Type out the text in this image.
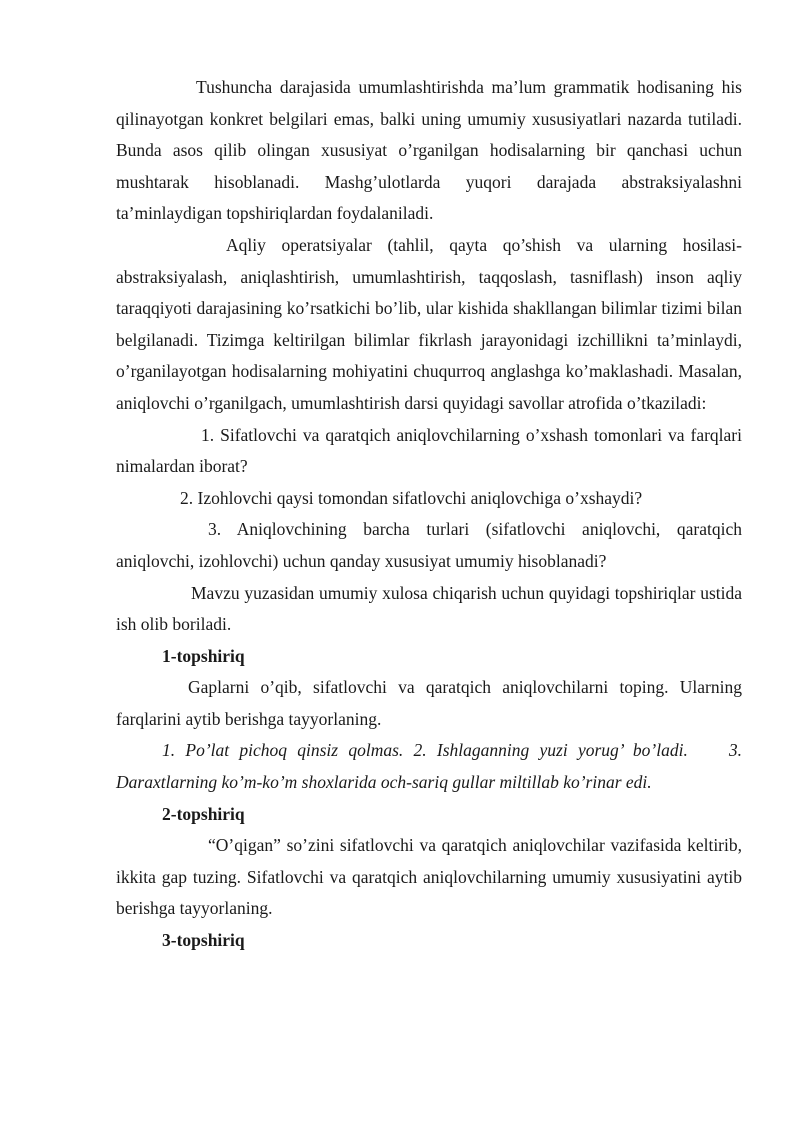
Tushuncha darajasida umumlashtirishda ma’lum grammatik hodisaning his qilinayotgan konkret belgilari emas, balki uning umumiy xususiyatlari nazarda tutiladi. Bunda asos qilib olingan xususiyat o’rganilgan hodisalarning bir qanchasi uchun mushtarak hisoblanadi. Mashg’ulotlarda yuqori darajada abstraksiyalashni ta’minlaydigan topshiriqlardan foydalaniladi.

Aqliy operatsiyalar (tahlil, qayta qo’shish va ularning hosilasi-abstraksiyalash, aniqlashtirish, umumlashtirish, taqqoslash, tasniflash) inson aqliy taraqqiyoti darajasining ko’rsatkichi bo’lib, ular kishida shakllangan bilimlar tizimi bilan belgilanadi. Tizimga keltirilgan bilimlar fikrlash jarayonidagi izchillikni ta’minlaydi, o’rganilayotgan hodisalarning mohiyatini chuqurroq anglashga ko’maklashadi. Masalan, aniqlovchi o’rganilgach, umumlashtirish darsi quyidagi savollar atrofida o’tkaziladi:

1. Sifatlovchi va qaratqich aniqlovchilarning o’xshash tomonlari va farqlari nimalardan iborat?

2. Izohlovchi qaysi tomondan sifatlovchi aniqlovchiga o’xshaydi?

3. Aniqlovchining barcha turlari (sifatlovchi aniqlovchi, qaratqich aniqlovchi, izohlovchi) uchun qanday xususiyat umumiy hisoblanadi?

Mavzu yuzasidan umumiy xulosa chiqarish uchun quyidagi topshiriqlar ustida ish olib boriladi.

1-topshiriq

Gaplarni o’qib, sifatlovchi va qaratqich aniqlovchilarni toping. Ularning farqlarini aytib berishga tayyorlaning.

1. Po’lat pichoq qinsiz qolmas. 2. Ishlaganning yuzi yorug’ bo’ladi.    3. Daraxtlarning ko’m-ko’m shoxlarida och-sariq gullar miltillab ko’rinar edi.

2-topshiriq

“O’qigan” so’zini sifatlovchi va qaratqich aniqlovchilar vazifasida keltirib, ikkita gap tuzing. Sifatlovchi va qaratqich aniqlovchilarning umumiy xususiyatini aytib berishga tayyorlaning.

3-topshiriq
